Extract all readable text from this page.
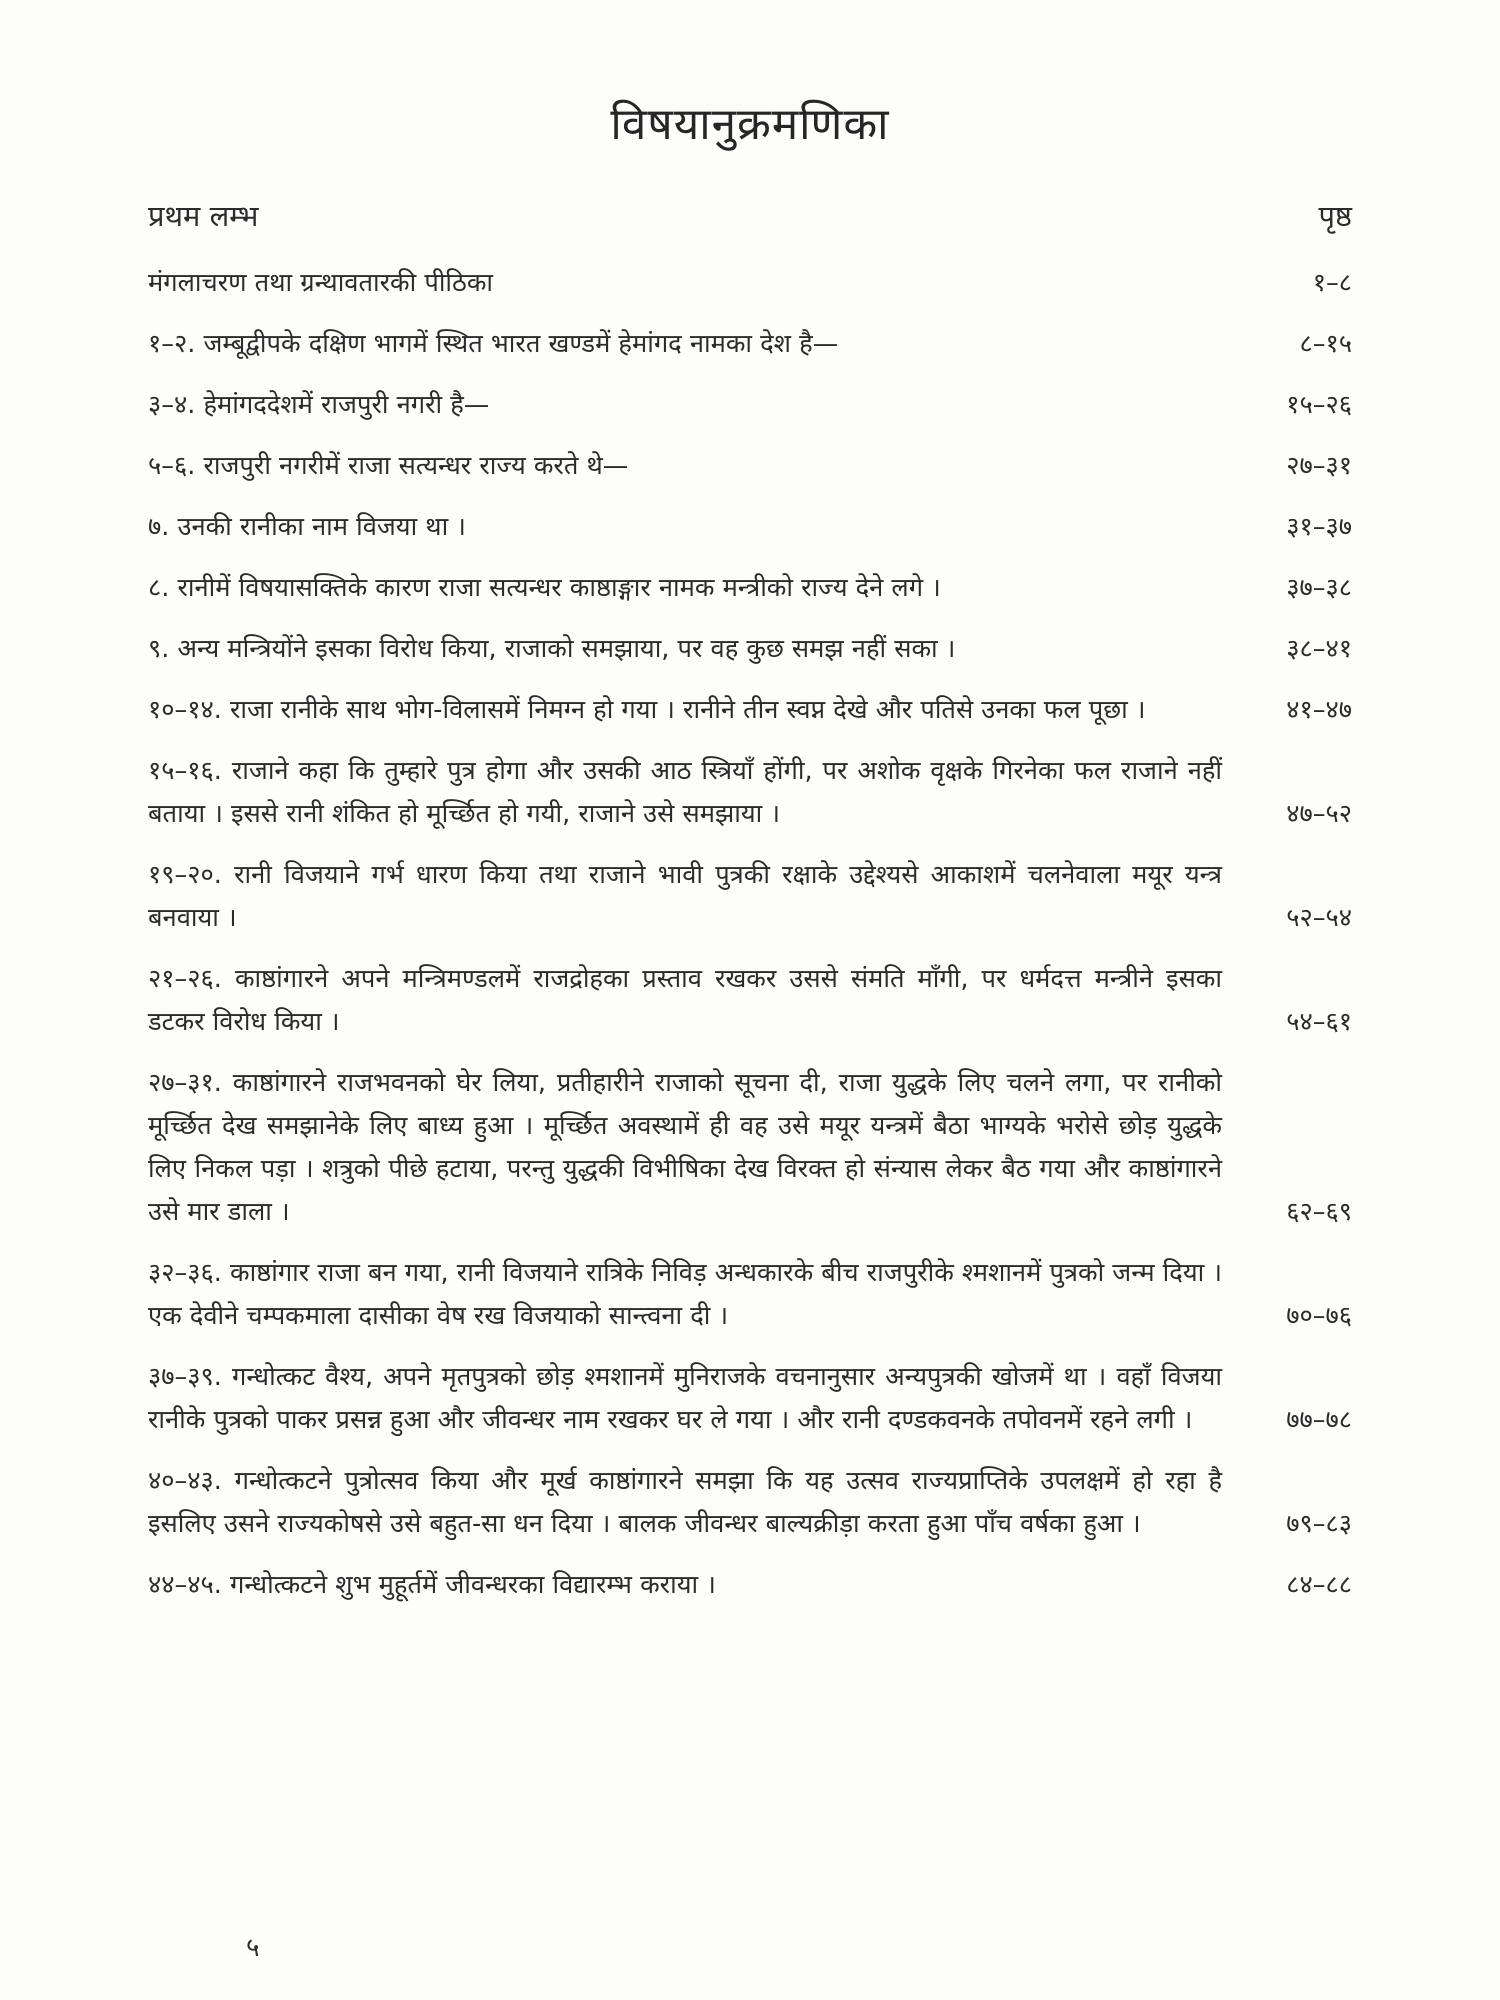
विषयानुक्रमणिका
प्रथम लम्भ	पृष्ठ
मंगलाचरण तथा ग्रन्थावतारकी पीठिका	१–८
१–२. जम्बूद्वीपके दक्षिण भागमें स्थित भारत खण्डमें हेमांगद नामका देश है—	८–१५
३–४. हेमांगददेशमें राजपुरी नगरी है—	१५–२६
५–६. राजपुरी नगरीमें राजा सत्यन्धर राज्य करते थे—	२७–३१
७. उनकी रानीका नाम विजया था ।	३१–३७
८. रानीमें विषयासक्तिके कारण राजा सत्यन्धर काष्ठाङ्गार नामक मन्त्रीको राज्य देने लगे ।	३७–३८
९. अन्य मन्त्रियोंने इसका विरोध किया, राजाको समझाया, पर वह कुछ समझ नहीं सका ।	३८–४१
१०–१४. राजा रानीके साथ भोग-विलासमें निमग्न हो गया । रानीने तीन स्वप्न देखे और पतिसे उनका फल पूछा ।	४१–४७
१५–१६. राजाने कहा कि तुम्हारे पुत्र होगा और उसकी आठ स्त्रियाँ होंगी, पर अशोक वृक्षके गिरनेका फल राजाने नहीं बताया । इससे रानी शंकित हो मूर्च्छित हो गयी, राजाने उसे समझाया ।	४७–५२
१९–२०. रानी विजयाने गर्भ धारण किया तथा राजाने भावी पुत्रकी रक्षाके उद्देश्यसे आकाशमें चलनेवाला मयूर यन्त्र बनवाया ।	५२–५४
२१–२६. काष्ठांगारने अपने मन्त्रिमण्डलमें राजद्रोहका प्रस्ताव रखकर उससे संमति माँगी, पर धर्मदत्त मन्त्रीने इसका डटकर विरोध किया ।	५४–६१
२७–३१. काष्ठांगारने राजभवनको घेर लिया, प्रतीहारीने राजाको सूचना दी, राजा युद्धके लिए चलने लगा, पर रानीको मूर्च्छित देख समझानेके लिए बाध्य हुआ । मूर्च्छित अवस्थामें ही वह उसे मयूर यन्त्रमें बैठा भाग्यके भरोसे छोड़ युद्धके लिए निकल पड़ा । शत्रुको पीछे हटाया, परन्तु युद्धकी विभीषिका देख विरक्त हो संन्यास लेकर बैठ गया और काष्ठांगारने उसे मार डाला ।	६२–६९
३२–३६. काष्ठांगार राजा बन गया, रानी विजयाने रात्रिके निविड़ अन्धकारके बीच राजपुरीके श्मशानमें पुत्रको जन्म दिया । एक देवीने चम्पकमाला दासीका वेष रख विजयाको सान्त्वना दी ।	७०–७६
३७–३९. गन्धोत्कट वैश्य, अपने मृतपुत्रको छोड़ श्मशानमें मुनिराजके वचनानुसार अन्यपुत्रकी खोजमें था । वहाँ विजया रानीके पुत्रको पाकर प्रसन्न हुआ और जीवन्धर नाम रखकर घर ले गया । और रानी दण्डकवनके तपोवनमें रहने लगी ।	७७–७८
४०–४३. गन्धोत्कटने पुत्रोत्सव किया और मूर्ख काष्ठांगारने समझा कि यह उत्सव राज्यप्राप्तिके उपलक्षमें हो रहा है इसलिए उसने राज्यकोषसे उसे बहुत-सा धन दिया । बालक जीवन्धर बाल्यक्रीड़ा करता हुआ पाँच वर्षका हुआ ।	७९–८३
४४–४५. गन्धोत्कटने शुभ मुहूर्तमें जीवन्धरका विद्यारम्भ कराया ।	८४–८८
५
